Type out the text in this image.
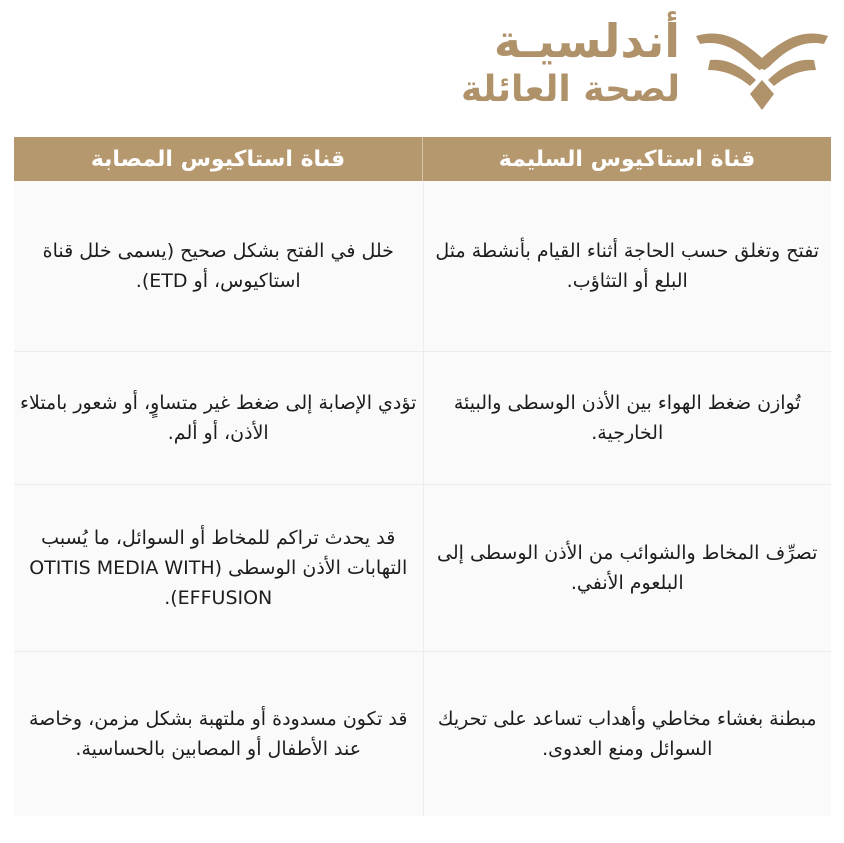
أندلسيـة
لصحة العائلة
قناة استاكيوس السليمة
قناة استاكيوس المصابة
تفتح وتغلق حسب الحاجة أثناء القيام بأنشطة مثل البلع أو التثاؤب.
خلل في الفتح بشكل صحيح (يسمى خلل قناة استاكيوس، أو ETD).
تُوازن ضغط الهواء بين الأذن الوسطى والبيئة الخارجية.
تؤدي الإصابة إلى ضغط غير متساوٍ، أو شعور بامتلاء الأذن، أو ألم.
تصرِّف المخاط والشوائب من الأذن الوسطى إلى البلعوم الأنفي.
قد يحدث تراكم للمخاط أو السوائل، ما يُسبب التهابات الأذن الوسطى (OTITIS MEDIA WITH EFFUSION).
مبطنة بغشاء مخاطي وأهداب تساعد على تحريك السوائل ومنع العدوى.
قد تكون مسدودة أو ملتهبة بشكل مزمن، وخاصة عند الأطفال أو المصابين بالحساسية.
